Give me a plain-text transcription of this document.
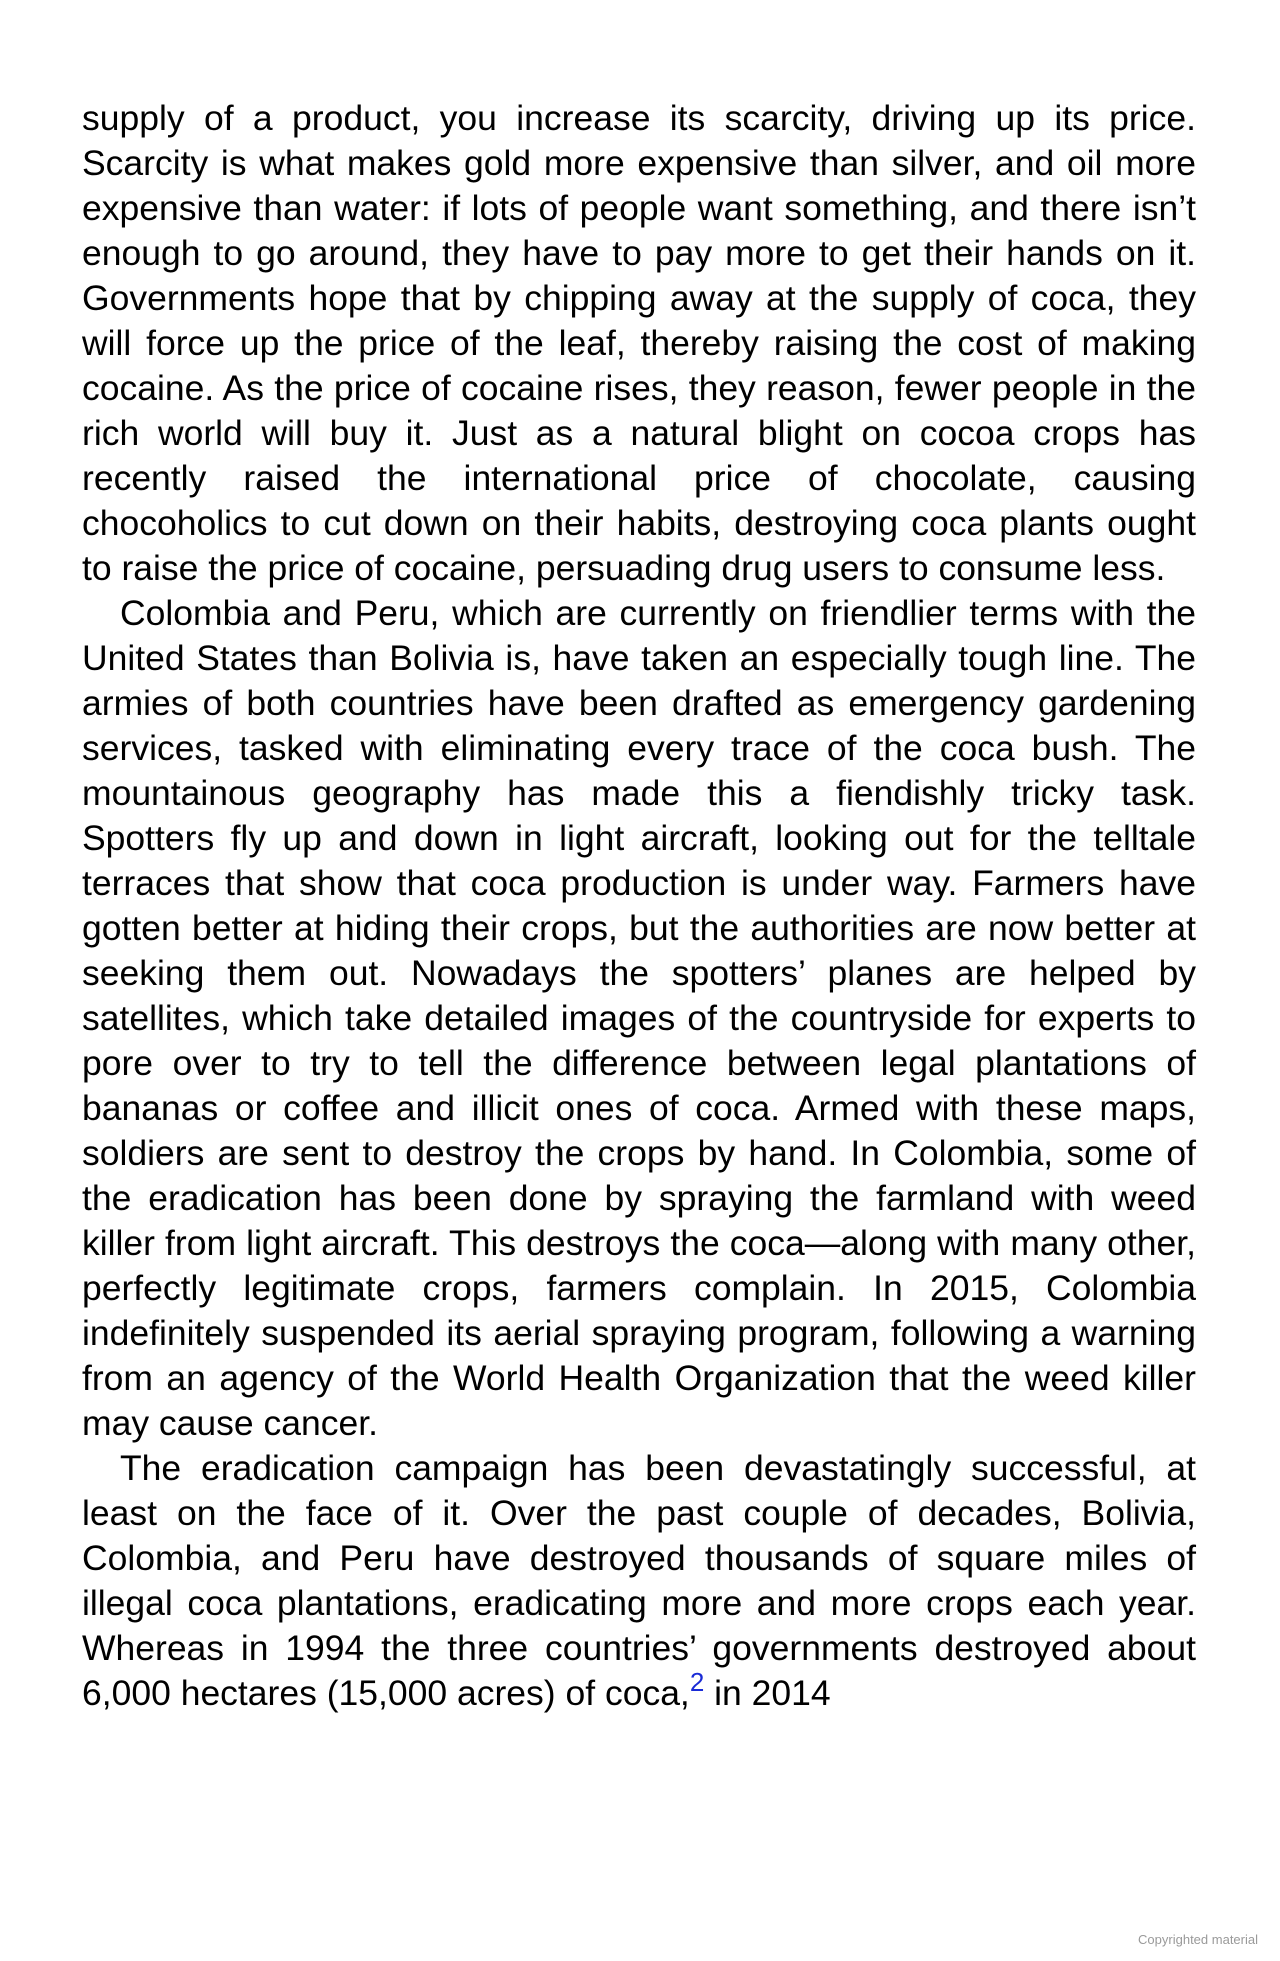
supply of a product, you increase its scarcity, driving up its price. Scarcity is what makes gold more expensive than silver, and oil more expensive than water: if lots of people want something, and there isn’t enough to go around, they have to pay more to get their hands on it. Governments hope that by chipping away at the supply of coca, they will force up the price of the leaf, thereby raising the cost of making cocaine. As the price of cocaine rises, they reason, fewer people in the rich world will buy it. Just as a natural blight on cocoa crops has recently raised the international price of chocolate, causing chocoholics to cut down on their habits, destroying coca plants ought to raise the price of cocaine, persuading drug users to consume less.

Colombia and Peru, which are currently on friendlier terms with the United States than Bolivia is, have taken an especially tough line. The armies of both countries have been drafted as emergency gardening services, tasked with eliminating every trace of the coca bush. The mountainous geography has made this a fiendishly tricky task. Spotters fly up and down in light aircraft, looking out for the telltale terraces that show that coca production is under way. Farmers have gotten better at hiding their crops, but the authorities are now better at seeking them out. Nowadays the spotters’ planes are helped by satellites, which take detailed images of the countryside for experts to pore over to try to tell the difference between legal plantations of bananas or coffee and illicit ones of coca. Armed with these maps, soldiers are sent to destroy the crops by hand. In Colombia, some of the eradication has been done by spraying the farmland with weed killer from light aircraft. This destroys the coca—along with many other, perfectly legitimate crops, farmers complain. In 2015, Colombia indefinitely suspended its aerial spraying program, following a warning from an agency of the World Health Organization that the weed killer may cause cancer.

The eradication campaign has been devastatingly successful, at least on the face of it. Over the past couple of decades, Bolivia, Colombia, and Peru have destroyed thousands of square miles of illegal coca plantations, eradicating more and more crops each year. Whereas in 1994 the three countries’ governments destroyed about 6,000 hectares (15,000 acres) of coca,$^2$ in 2014

Copyrighted material
